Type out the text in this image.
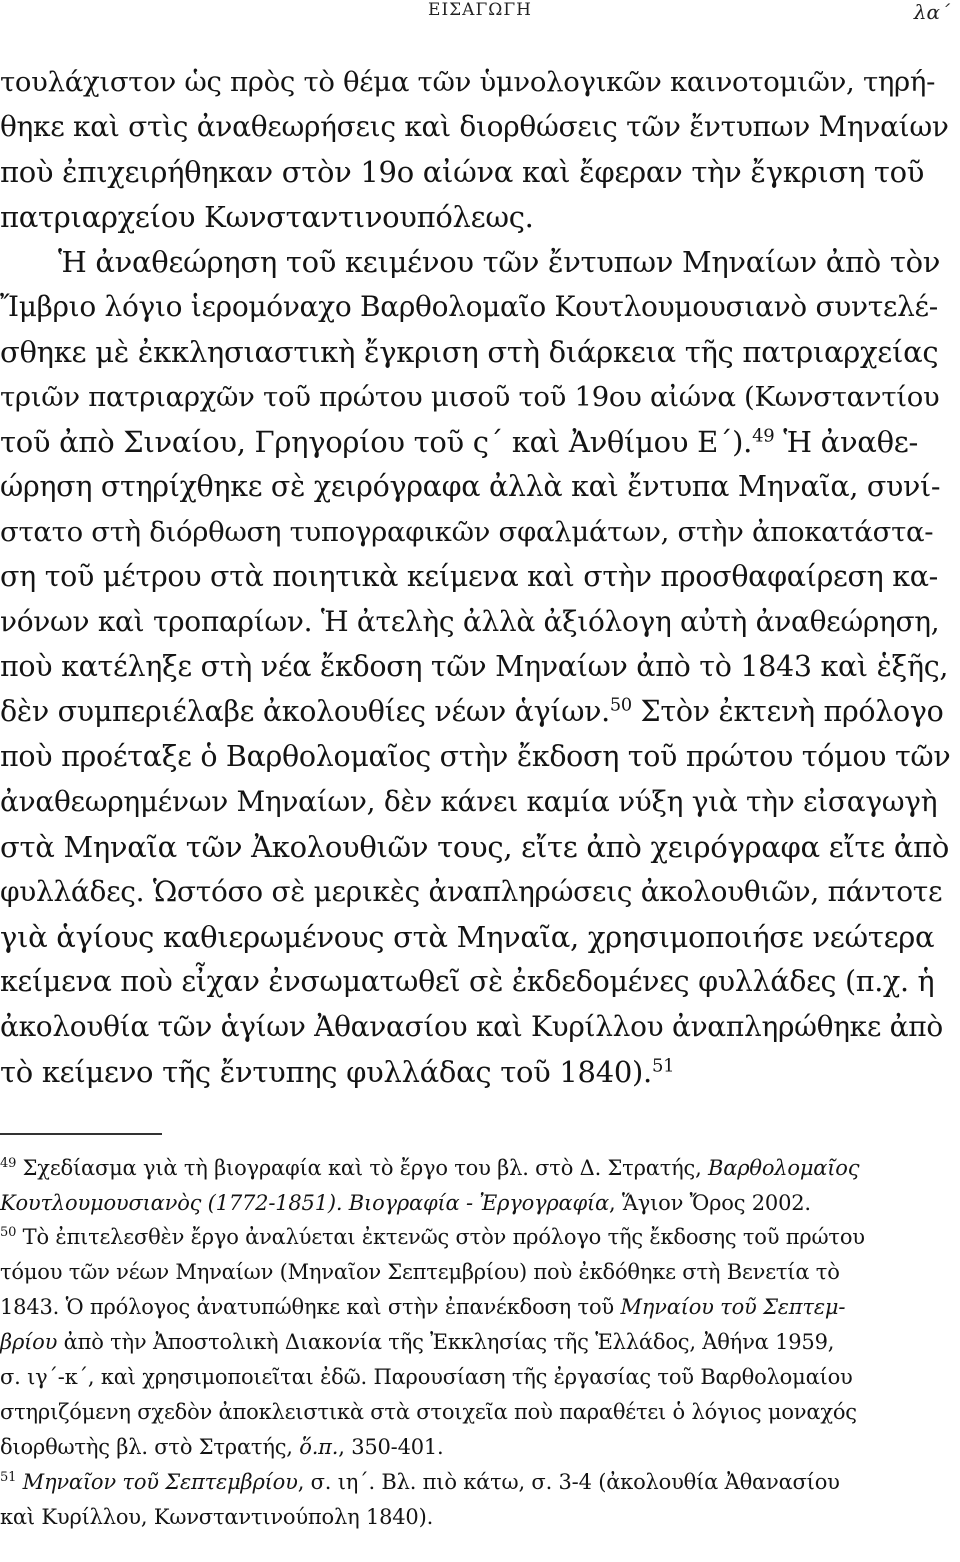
ΕΙΣΑΓΩΓΗ	λα´
τουλάχιστον ὡς πρὸς τὸ θέμα τῶν ὑμνολογικῶν καινοτομιῶν, τηρή-
θηκε καὶ στὶς ἀναθεωρήσεις καὶ διορθώσεις τῶν ἔντυπων Μηναίων
ποὺ ἐπιχειρήθηκαν στὸν 19ο αἰώνα καὶ ἔφεραν τὴν ἔγκριση τοῦ
πατριαρχείου Κωνσταντινουπόλεως.
Ἡ ἀναθεώρηση τοῦ κειμένου τῶν ἔντυπων Μηναίων ἀπὸ τὸν
Ἴμβριο λόγιο ἱερομόναχο Βαρθολομαῖο Κουτλουμουσιανὸ συντελέ-
σθηκε μὲ ἐκκλησιαστικὴ ἔγκριση στὴ διάρκεια τῆς πατριαρχείας
τριῶν πατριαρχῶν τοῦ πρώτου μισοῦ τοῦ 19ου αἰώνα (Κωνσταντίου
τοῦ ἀπὸ Σιναίου, Γρηγορίου τοῦ ς´ καὶ Ἀνθίμου Ε´).$^{49}$ Ἡ ἀναθε-
ώρηση στηρίχθηκε σὲ χειρόγραφα ἀλλὰ καὶ ἔντυπα Μηναῖα, συνί-
στατο στὴ διόρθωση τυπογραφικῶν σφαλμάτων, στὴν ἀποκατάστα-
ση τοῦ μέτρου στὰ ποιητικὰ κείμενα καὶ στὴν προσθαφαίρεση κα-
νόνων καὶ τροπαρίων. Ἡ ἀτελὴς ἀλλὰ ἀξιόλογη αὐτὴ ἀναθεώρηση,
ποὺ κατέληξε στὴ νέα ἔκδοση τῶν Μηναίων ἀπὸ τὸ 1843 καὶ ἑξῆς,
δὲν συμπεριέλαβε ἀκολουθίες νέων ἁγίων.$^{50}$ Στὸν ἐκτενὴ πρόλογο
ποὺ προέταξε ὁ Βαρθολομαῖος στὴν ἔκδοση τοῦ πρώτου τόμου τῶν
ἀναθεωρημένων Μηναίων, δὲν κάνει καμία νύξη γιὰ τὴν εἰσαγωγὴ
στὰ Μηναῖα τῶν Ἀκολουθιῶν τους, εἴτε ἀπὸ χειρόγραφα εἴτε ἀπὸ
φυλλάδες. Ὡστόσο σὲ μερικὲς ἀναπληρώσεις ἀκολουθιῶν, πάντοτε
γιὰ ἁγίους καθιερωμένους στὰ Μηναῖα, χρησιμοποιήσε νεώτερα
κείμενα ποὺ εἶχαν ἐνσωματωθεῖ σὲ ἐκδεδομένες φυλλάδες (π.χ. ἡ
ἀκολουθία τῶν ἁγίων Ἀθανασίου καὶ Κυρίλλου ἀναπληρώθηκε ἀπὸ
τὸ κείμενο τῆς ἔντυπης φυλλάδας τοῦ 1840).$^{51}$
$^{49}$ Σχεδίασμα γιὰ τὴ βιογραφία καὶ τὸ ἔργο του βλ. στὸ Δ. Στρατής, Βαρθολομαῖος
Κουτλουμουσιανὸς (1772-1851). Βιογραφία - Ἐργογραφία, Ἅγιον Ὄρος 2002.
$^{50}$ Τὸ ἐπιτελεσθὲν ἔργο ἀναλύεται ἐκτενῶς στὸν πρόλογο τῆς ἔκδοσης τοῦ πρώτου
τόμου τῶν νέων Μηναίων (Μηναῖον Σεπτεμβρίου) ποὺ ἐκδόθηκε στὴ Βενετία τὸ
1843. Ὁ πρόλογος ἀνατυπώθηκε καὶ στὴν ἐπανέκδοση τοῦ Μηναίου τοῦ Σεπτεμ-
βρίου ἀπὸ τὴν Ἀποστολικὴ Διακονία τῆς Ἐκκλησίας τῆς Ἑλλάδος, Ἀθήνα 1959,
σ. ιγ´-κ´, καὶ χρησιμοποιεῖται ἐδῶ. Παρουσίαση τῆς ἐργασίας τοῦ Βαρθολομαίου
στηριζόμενη σχεδὸν ἀποκλειστικὰ στὰ στοιχεῖα ποὺ παραθέτει ὁ λόγιος μοναχός
διορθωτὴς βλ. στὸ Στρατής, ὅ.π., 350-401.
$^{51}$ Μηναῖον τοῦ Σεπτεμβρίου, σ. ιη´. Βλ. πιὸ κάτω, σ. 3-4 (ἀκολουθία Ἀθανασίου
καὶ Κυρίλλου, Κωνσταντινούπολη 1840).
